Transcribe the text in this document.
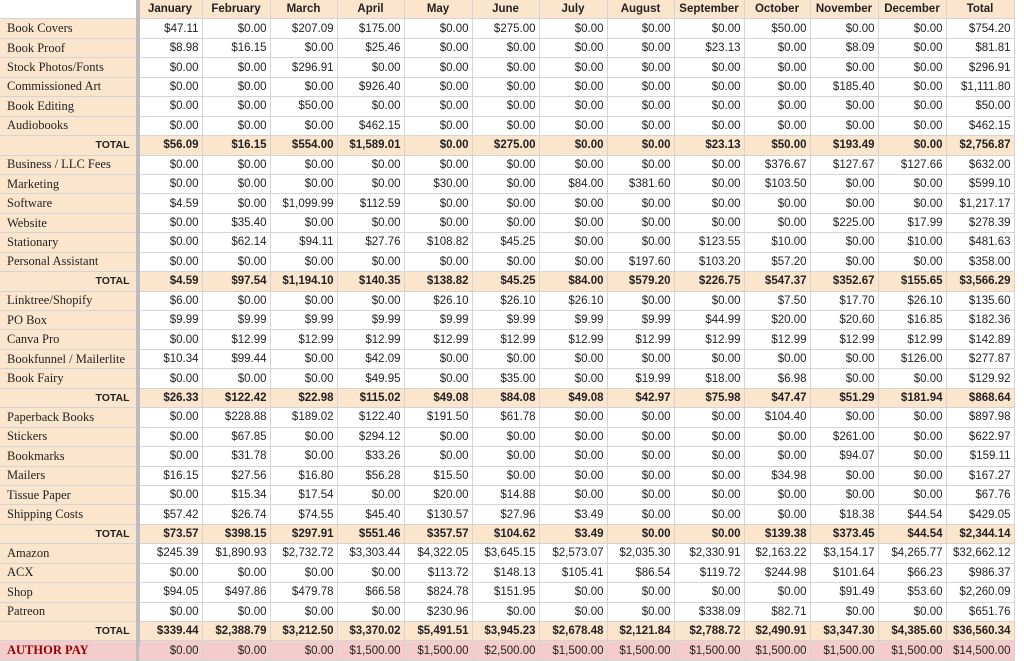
	January	February	March	April	May	June	July	August	September	October	November	December	Total
Book Covers	$47.11	$0.00	$207.09	$175.00	$0.00	$275.00	$0.00	$0.00	$0.00	$50.00	$0.00	$0.00	$754.20
Book Proof	$8.98	$16.15	$0.00	$25.46	$0.00	$0.00	$0.00	$0.00	$23.13	$0.00	$8.09	$0.00	$81.81
Stock Photos/Fonts	$0.00	$0.00	$296.91	$0.00	$0.00	$0.00	$0.00	$0.00	$0.00	$0.00	$0.00	$0.00	$296.91
Commissioned Art	$0.00	$0.00	$0.00	$926.40	$0.00	$0.00	$0.00	$0.00	$0.00	$0.00	$185.40	$0.00	$1,111.80
Book Editing	$0.00	$0.00	$50.00	$0.00	$0.00	$0.00	$0.00	$0.00	$0.00	$0.00	$0.00	$0.00	$50.00
Audiobooks	$0.00	$0.00	$0.00	$462.15	$0.00	$0.00	$0.00	$0.00	$0.00	$0.00	$0.00	$0.00	$462.15
TOTAL	$56.09	$16.15	$554.00	$1,589.01	$0.00	$275.00	$0.00	$0.00	$23.13	$50.00	$193.49	$0.00	$2,756.87
Business / LLC Fees	$0.00	$0.00	$0.00	$0.00	$0.00	$0.00	$0.00	$0.00	$0.00	$376.67	$127.67	$127.66	$632.00
Marketing	$0.00	$0.00	$0.00	$0.00	$30.00	$0.00	$84.00	$381.60	$0.00	$103.50	$0.00	$0.00	$599.10
Software	$4.59	$0.00	$1,099.99	$112.59	$0.00	$0.00	$0.00	$0.00	$0.00	$0.00	$0.00	$0.00	$1,217.17
Website	$0.00	$35.40	$0.00	$0.00	$0.00	$0.00	$0.00	$0.00	$0.00	$0.00	$225.00	$17.99	$278.39
Stationary	$0.00	$62.14	$94.11	$27.76	$108.82	$45.25	$0.00	$0.00	$123.55	$10.00	$0.00	$10.00	$481.63
Personal Assistant	$0.00	$0.00	$0.00	$0.00	$0.00	$0.00	$0.00	$197.60	$103.20	$57.20	$0.00	$0.00	$358.00
TOTAL	$4.59	$97.54	$1,194.10	$140.35	$138.82	$45.25	$84.00	$579.20	$226.75	$547.37	$352.67	$155.65	$3,566.29
Linktree/Shopify	$6.00	$0.00	$0.00	$0.00	$26.10	$26.10	$26.10	$0.00	$0.00	$7.50	$17.70	$26.10	$135.60
PO Box	$9.99	$9.99	$9.99	$9.99	$9.99	$9.99	$9.99	$9.99	$44.99	$20.00	$20.60	$16.85	$182.36
Canva Pro	$0.00	$12.99	$12.99	$12.99	$12.99	$12.99	$12.99	$12.99	$12.99	$12.99	$12.99	$12.99	$142.89
Bookfunnel / Mailerlite	$10.34	$99.44	$0.00	$42.09	$0.00	$0.00	$0.00	$0.00	$0.00	$0.00	$0.00	$126.00	$277.87
Book Fairy	$0.00	$0.00	$0.00	$49.95	$0.00	$35.00	$0.00	$19.99	$18.00	$6.98	$0.00	$0.00	$129.92
TOTAL	$26.33	$122.42	$22.98	$115.02	$49.08	$84.08	$49.08	$42.97	$75.98	$47.47	$51.29	$181.94	$868.64
Paperback Books	$0.00	$228.88	$189.02	$122.40	$191.50	$61.78	$0.00	$0.00	$0.00	$104.40	$0.00	$0.00	$897.98
Stickers	$0.00	$67.85	$0.00	$294.12	$0.00	$0.00	$0.00	$0.00	$0.00	$0.00	$261.00	$0.00	$622.97
Bookmarks	$0.00	$31.78	$0.00	$33.26	$0.00	$0.00	$0.00	$0.00	$0.00	$0.00	$94.07	$0.00	$159.11
Mailers	$16.15	$27.56	$16.80	$56.28	$15.50	$0.00	$0.00	$0.00	$0.00	$34.98	$0.00	$0.00	$167.27
Tissue Paper	$0.00	$15.34	$17.54	$0.00	$20.00	$14.88	$0.00	$0.00	$0.00	$0.00	$0.00	$0.00	$67.76
Shipping Costs	$57.42	$26.74	$74.55	$45.40	$130.57	$27.96	$3.49	$0.00	$0.00	$0.00	$18.38	$44.54	$429.05
TOTAL	$73.57	$398.15	$297.91	$551.46	$357.57	$104.62	$3.49	$0.00	$0.00	$139.38	$373.45	$44.54	$2,344.14
Amazon	$245.39	$1,890.93	$2,732.72	$3,303.44	$4,322.05	$3,645.15	$2,573.07	$2,035.30	$2,330.91	$2,163.22	$3,154.17	$4,265.77	$32,662.12
ACX	$0.00	$0.00	$0.00	$0.00	$113.72	$148.13	$105.41	$86.54	$119.72	$244.98	$101.64	$66.23	$986.37
Shop	$94.05	$497.86	$479.78	$66.58	$824.78	$151.95	$0.00	$0.00	$0.00	$0.00	$91.49	$53.60	$2,260.09
Patreon	$0.00	$0.00	$0.00	$0.00	$230.96	$0.00	$0.00	$0.00	$338.09	$82.71	$0.00	$0.00	$651.76
TOTAL	$339.44	$2,388.79	$3,212.50	$3,370.02	$5,491.51	$3,945.23	$2,678.48	$2,121.84	$2,788.72	$2,490.91	$3,347.30	$4,385.60	$36,560.34
AUTHOR PAY	$0.00	$0.00	$0.00	$1,500.00	$1,500.00	$2,500.00	$1,500.00	$1,500.00	$1,500.00	$1,500.00	$1,500.00	$1,500.00	$14,500.00
